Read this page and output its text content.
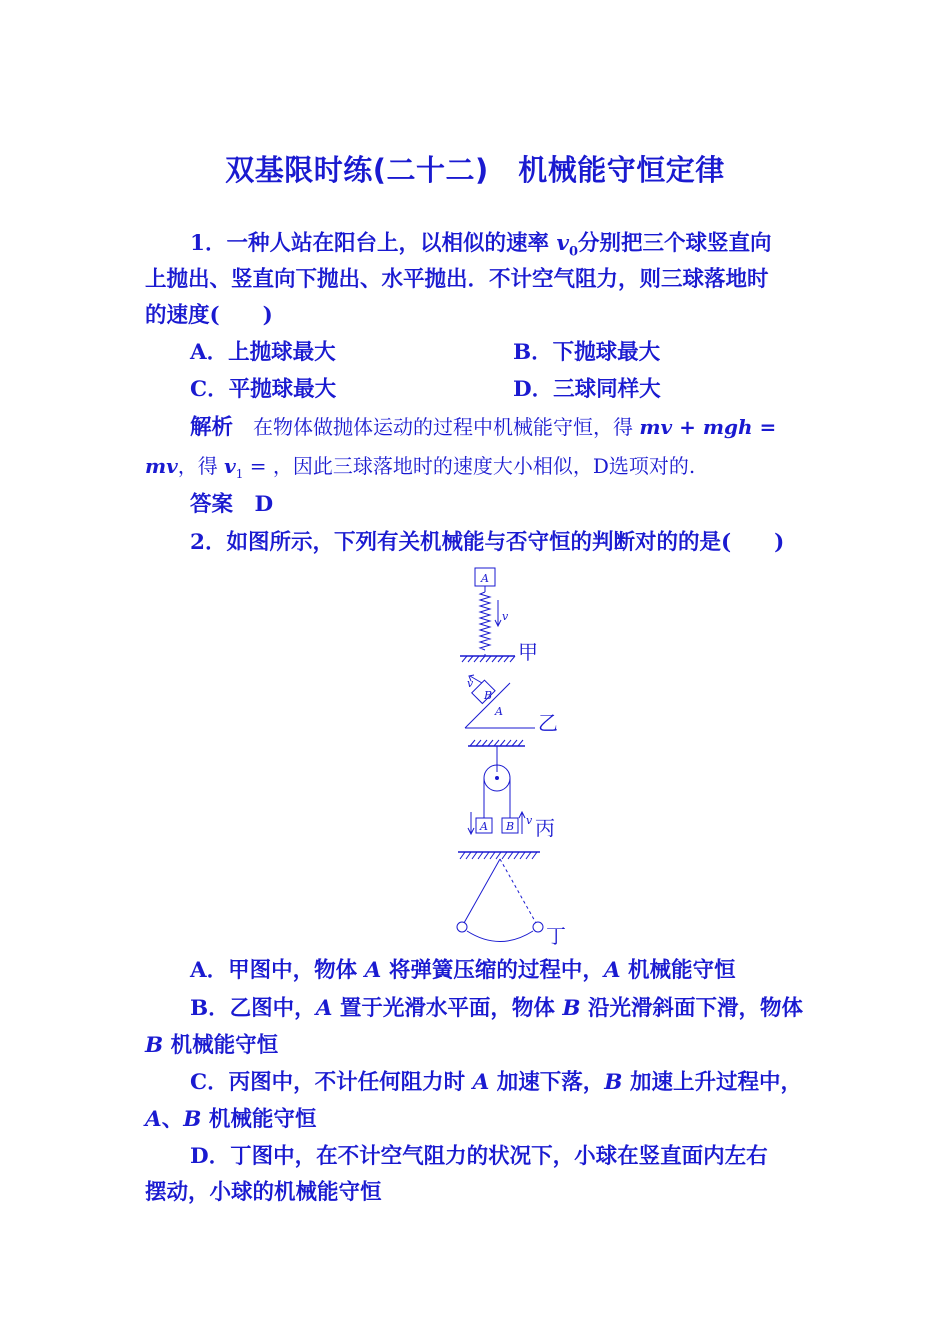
双基限时练(二十二)　机械能守恒定律
1．一种人站在阳台上，以相似的速率 $v_0$分别把三个球竖直向
上抛出、竖直向下抛出、水平抛出．不计空气阻力，则三球落地时
的速度(　　)
A．上抛球最大	B．下抛球最大
C．平抛球最大	D．三球同样大
解析　在物体做抛体运动的过程中机械能守恒，得 mv + mgh =
mv，得 $v_1$ = ，因此三球落地时的速度大小相似，D选项对的.
答案　D
2．如图所示，下列有关机械能与否守恒的判断对的的是(　　)
A
v
v
B
A
A B v
甲
乙
丙
丁
A．甲图中，物体 A 将弹簧压缩的过程中，A 机械能守恒
B．乙图中，A 置于光滑水平面，物体 B 沿光滑斜面下滑，物体
B 机械能守恒
C．丙图中，不计任何阻力时 A 加速下落，B 加速上升过程中，
A、B 机械能守恒
D．丁图中，在不计空气阻力的状况下，小球在竖直面内左右
摆动，小球的机械能守恒
